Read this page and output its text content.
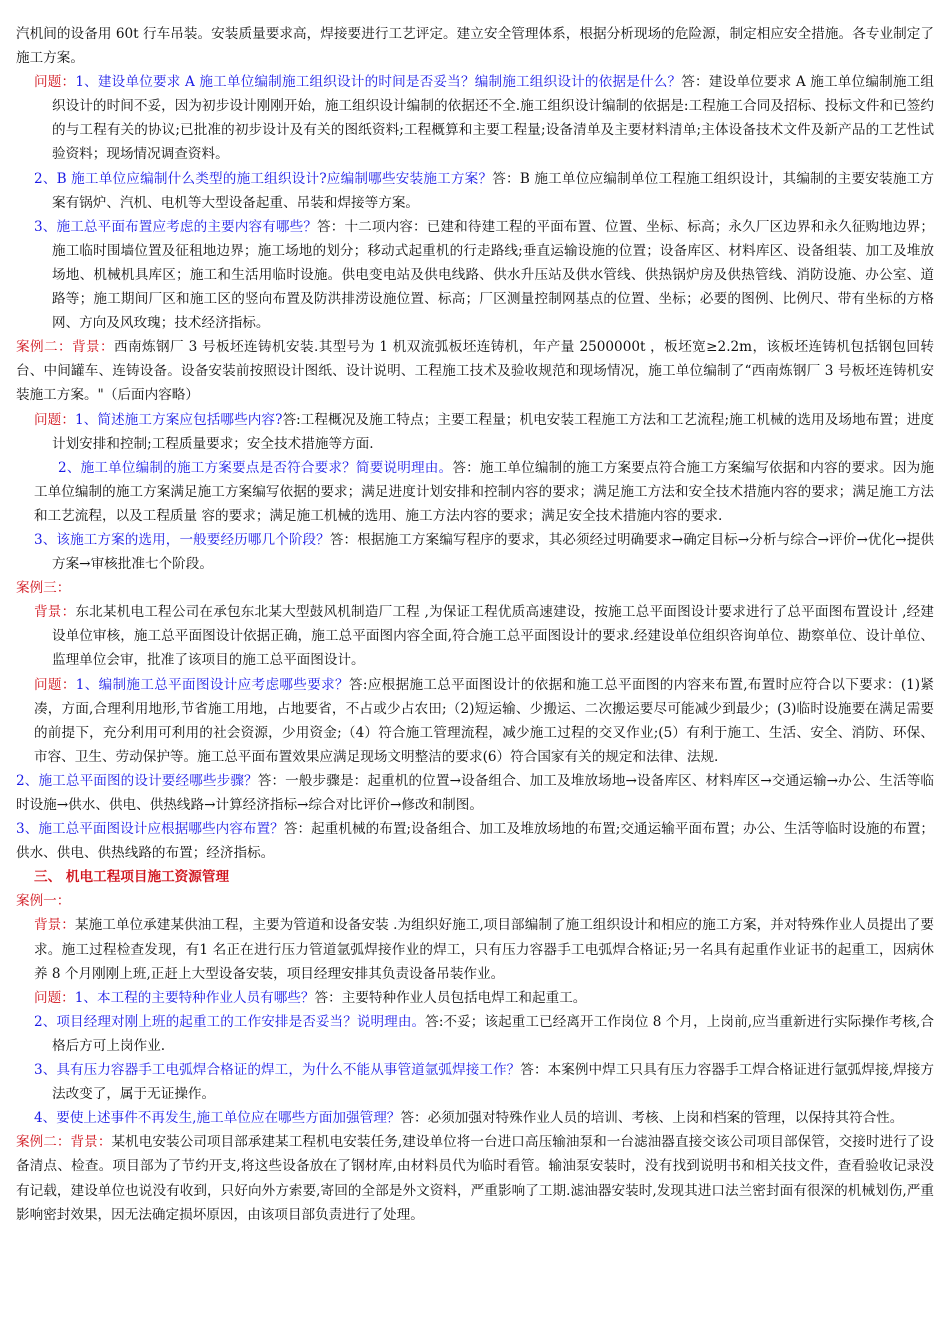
汽机间的设备用 60t 行车吊装。安装质量要求高，焊接要进行工艺评定。建立安全管理体系，根据分析现场的危险源，制定相应安全措施。各专业制定了施工方案。

问题：1、建设单位要求 A 施工单位编制施工组织设计的时间是否妥当？编制施工组织设计的依据是什么？答：建设单位要求 A 施工单位编制施工组织设计的时间不妥，因为初步设计刚刚开始，施工组织设计编制的依据还不全.施工组织设计编制的依据是:工程施工合同及招标、投标文件和已签约的与工程有关的协议;已批准的初步设计及有关的图纸资料;工程概算和主要工程量;设备清单及主要材料清单;主体设备技术文件及新产品的工艺性试验资料；现场情况调查资料。

2、B 施工单位应编制什么类型的施工组织设计?应编制哪些安装施工方案？答：B 施工单位应编制单位工程施工组织设计，其编制的主要安装施工方案有锅炉、汽机、电机等大型设备起重、吊装和焊接等方案。

3、施工总平面布置应考虑的主要内容有哪些？答：十二项内容：已建和待建工程的平面布置、位置、坐标、标高；永久厂区边界和永久征购地边界；施工临时围墙位置及征租地边界；施工场地的划分；移动式起重机的行走路线;垂直运输设施的位置；设备库区、材料库区、设备组装、加工及堆放场地、机械机具库区；施工和生活用临时设施。供电变电站及供电线路、供水升压站及供水管线、供热锅炉房及供热管线、消防设施、办公室、道路等；施工期间厂区和施工区的竖向布置及防洪排涝设施位置、标高；厂区测量控制网基点的位置、坐标；必要的图例、比例尺、带有坐标的方格网、方向及风玫瑰；技术经济指标。

案例二：背景：西南炼钢厂 3 号板坯连铸机安装.其型号为 1 机双流弧板坯连铸机，年产量 2500000t ，板坯宽≥2.2m，该板坯连铸机包括钢包回转台、中间罐车、连铸设备。设备安装前按照设计图纸、设计说明、工程施工技术及验收规范和现场情况，施工单位编制了“西南炼钢厂 3 号板坯连铸机安装施工方案。"（后面内容略）

问题：1、简述施工方案应包括哪些内容?答:工程概况及施工特点；主要工程量；机电安装工程施工方法和工艺流程;施工机械的选用及场地布置；进度计划安排和控制;工程质量要求；安全技术措施等方面.

2、施工单位编制的施工方案要点是否符合要求？简要说明理由。答：施工单位编制的施工方案要点符合施工方案编写依据和内容的要求。因为施工单位编制的施工方案满足施工方案编写依据的要求；满足进度计划安排和控制内容的要求；满足施工方法和安全技术措施内容的要求；满足施工方法和工艺流程，以及工程质量 容的要求；满足施工机械的选用、施工方法内容的要求；满足安全技术措施内容的要求.

3、该施工方案的选用，一般要经历哪几个阶段？答：根据施工方案编写程序的要求，其必须经过明确要求→确定目标→分析与综合→评价→优化→提供方案→审核批准七个阶段。

案例三：

背景：东北某机电工程公司在承包东北某大型鼓风机制造厂工程 ,为保证工程优质高速建设，按施工总平面图设计要求进行了总平面图布置设计 ,经建设单位审核，施工总平面图设计依据正确，施工总平面图内容全面,符合施工总平面图设计的要求.经建设单位组织咨询单位、勘察单位、设计单位、监理单位会审，批准了该项目的施工总平面图设计。

问题：1、编制施工总平面图设计应考虑哪些要求？答:应根据施工总平面图设计的依据和施工总平面图的内容来布置,布置时应符合以下要求：(1)紧凑，方面,合理利用地形,节省施工用地，占地要省，不占或少占农田;（2)短运输、少搬运、二次搬运要尽可能减少到最少；(3)临时设施要在满足需要的前提下，充分利用可利用的社会资源，少用资金;（4）符合施工管理流程，减少施工过程的交叉作业;(5）有利于施工、生活、安全、消防、环保、市容、卫生、劳动保护等。施工总平面布置效果应满足现场文明整洁的要求(6）符合国家有关的规定和法律、法规.

2、施工总平面图的设计要经哪些步骤？答：一般步骤是：起重机的位置→设备组合、加工及堆放场地→设备库区、材料库区→交通运输→办公、生活等临时设施→供水、供电、供热线路→计算经济指标→综合对比评价→修改和制图。

3、施工总平面图设计应根据哪些内容布置？答：起重机械的布置;设备组合、加工及堆放场地的布置;交通运输平面布置；办公、生活等临时设施的布置；供水、供电、供热线路的布置；经济指标。

三、 机电工程项目施工资源管理

案例一：

背景：某施工单位承建某供油工程，主要为管道和设备安装 .为组织好施工,项目部编制了施工组织设计和相应的施工方案，并对特殊作业人员提出了要求。施工过程检查发现，有1 名正在进行压力管道氩弧焊接作业的焊工，只有压力容器手工电弧焊合格证;另一名具有起重作业证书的起重工，因病休养 8 个月刚刚上班,正赶上大型设备安装，项目经理安排其负责设备吊装作业。

问题：1、本工程的主要特种作业人员有哪些？答：主要特种作业人员包括电焊工和起重工。

2、项目经理对刚上班的起重工的工作安排是否妥当？说明理由。答:不妥；该起重工已经离开工作岗位 8 个月，上岗前,应当重新进行实际操作考核,合格后方可上岗作业.

3、具有压力容器手工电弧焊合格证的焊工，为什么不能从事管道氩弧焊接工作？答：本案例中焊工只具有压力容器手工焊合格证进行氩弧焊接,焊接方法改变了，属于无证操作。

4、要使上述事件不再发生,施工单位应在哪些方面加强管理？答：必须加强对特殊作业人员的培训、考核、上岗和档案的管理，以保持其符合性。

案例二：背景：某机电安装公司项目部承建某工程机电安装任务,建设单位将一台进口高压输油泵和一台滤油器直接交该公司项目部保管，交接时进行了设备清点、检查。项目部为了节约开支,将这些设备放在了钢材库,由材料员代为临时看管。输油泵安装时，没有找到说明书和相关技文件，查看验收记录没有记载，建设单位也说没有收到，只好向外方索要,寄回的全部是外文资料，严重影响了工期.滤油器安装时,发现其进口法兰密封面有很深的机械划伤,严重影响密封效果，因无法确定损坏原因，由该项目部负责进行了处理。
